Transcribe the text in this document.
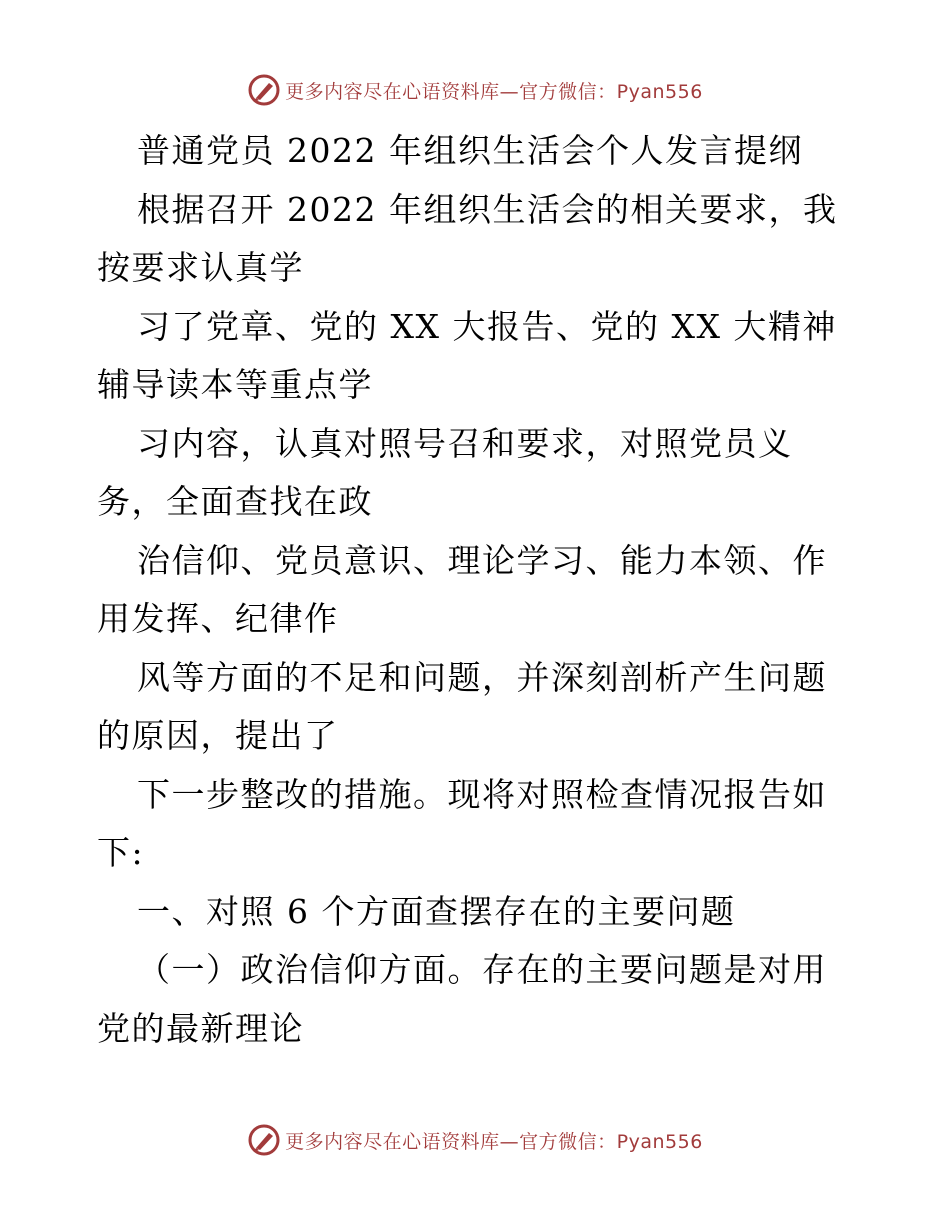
更多内容尽在心语资料库—官方微信：Pyan556

普通党员 2022 年组织生活会个人发言提纲

根据召开 2022 年组织生活会的相关要求，我按要求认真学

习了党章、党的 XX 大报告、党的 XX 大精神辅导读本等重点学

习内容，认真对照号召和要求，对照党员义务，全面查找在政

治信仰、党员意识、理论学习、能力本领、作用发挥、纪律作

风等方面的不足和问题，并深刻剖析产生问题的原因，提出了

下一步整改的措施。现将对照检查情况报告如下:

一、对照 6 个方面查摆存在的主要问题

（一）政治信仰方面。存在的主要问题是对用党的最新理论

更多内容尽在心语资料库—官方微信：Pyan556
